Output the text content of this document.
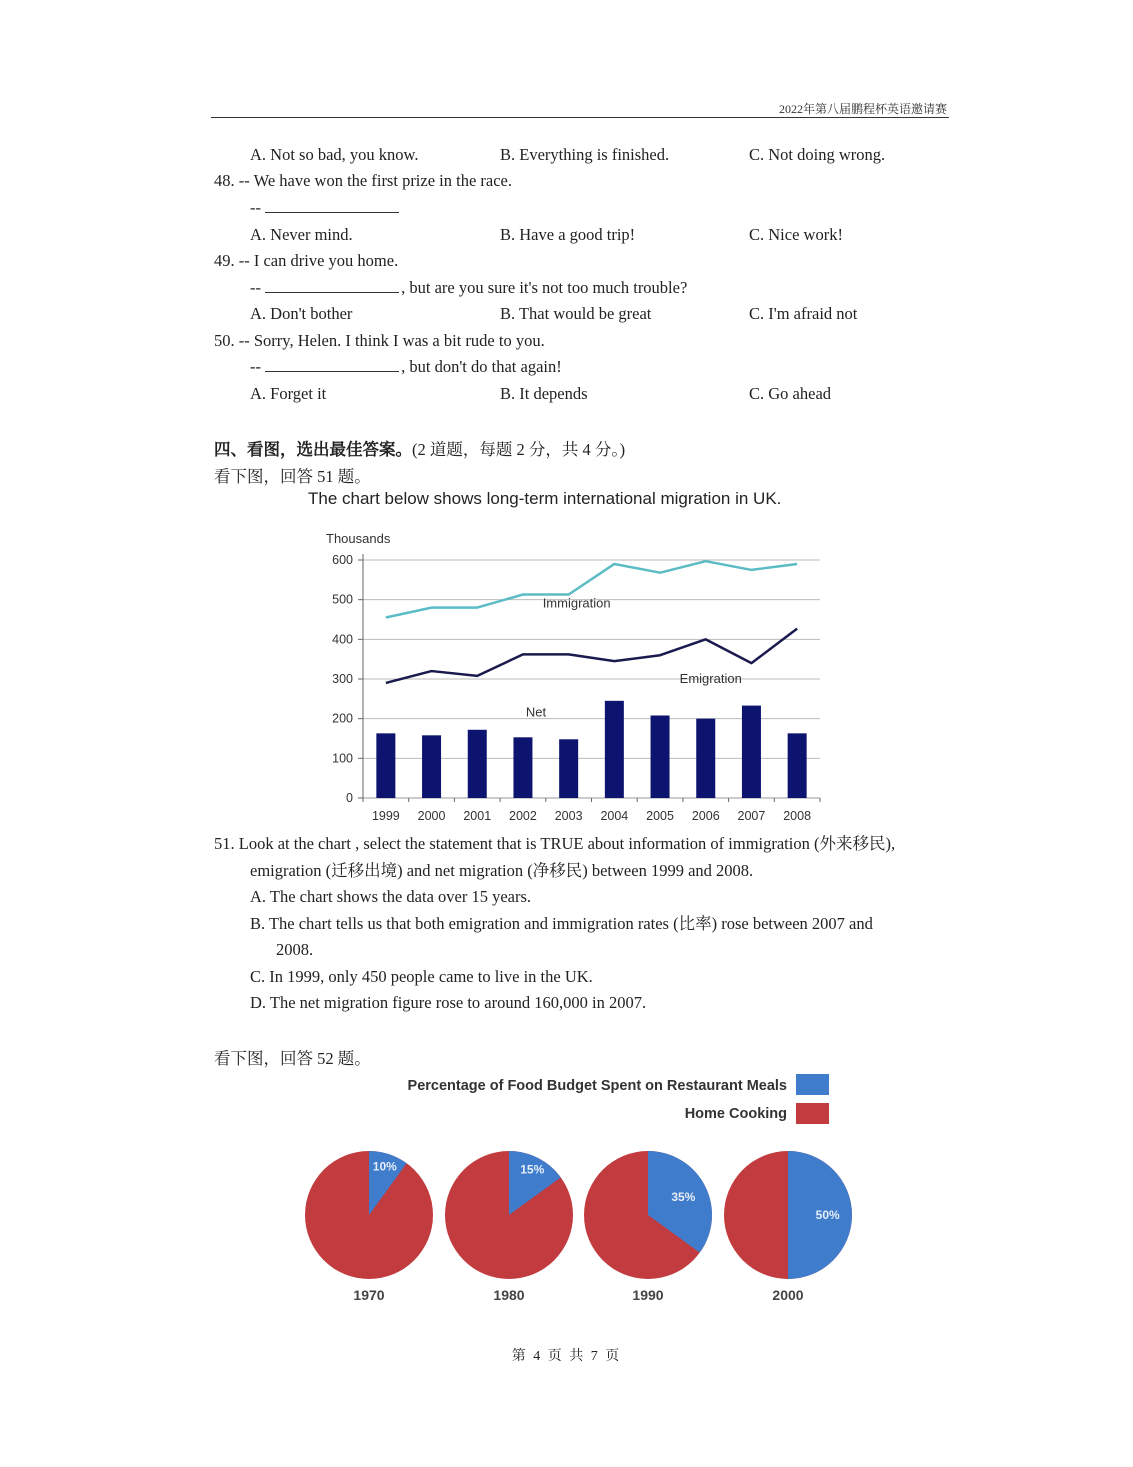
2022年第八届鹏程杯英语邀请赛
A. Not so bad, you know.	B. Everything is finished.	C. Not doing wrong.
48. -- We have won the first prize in the race.
--
A. Never mind.	B. Have a good trip!	C. Nice work!
49. -- I can drive you home.
--	, but are you sure it's not too much trouble?
A. Don't bother	B. That would be great	C. I'm afraid not
50. -- Sorry, Helen. I think I was a bit rude to you.
--	, but don't do that again!
A. Forget it	B. It depends	C. Go ahead
四、看图，选出最佳答案。(2 道题，每题 2 分，共 4 分。)
看下图，回答 51 题。
The chart below shows long-term international migration in UK.
Thousands
0
100
200
300
400
500
600
1999 2000 2001 2002 2003 2004 2005 2006 2007 2008
Immigration
Emigration
Net
51. Look at the chart , select the statement that is TRUE about information of immigration (外来移民),
emigration (迁移出境) and net migration (净移民) between 1999 and 2008.
A. The chart shows the data over 15 years.
B. The chart tells us that both emigration and immigration rates (比率) rose between 2007 and
2008.
C. In 1999, only 450 people came to live in the UK.
D. The net migration figure rose to around 160,000 in 2007.
看下图，回答 52 题。
Percentage of Food Budget Spent on Restaurant Meals
Home Cooking
10%
1970
15%
1980
35%
1990
50%
2000
第 4 页 共 7 页
